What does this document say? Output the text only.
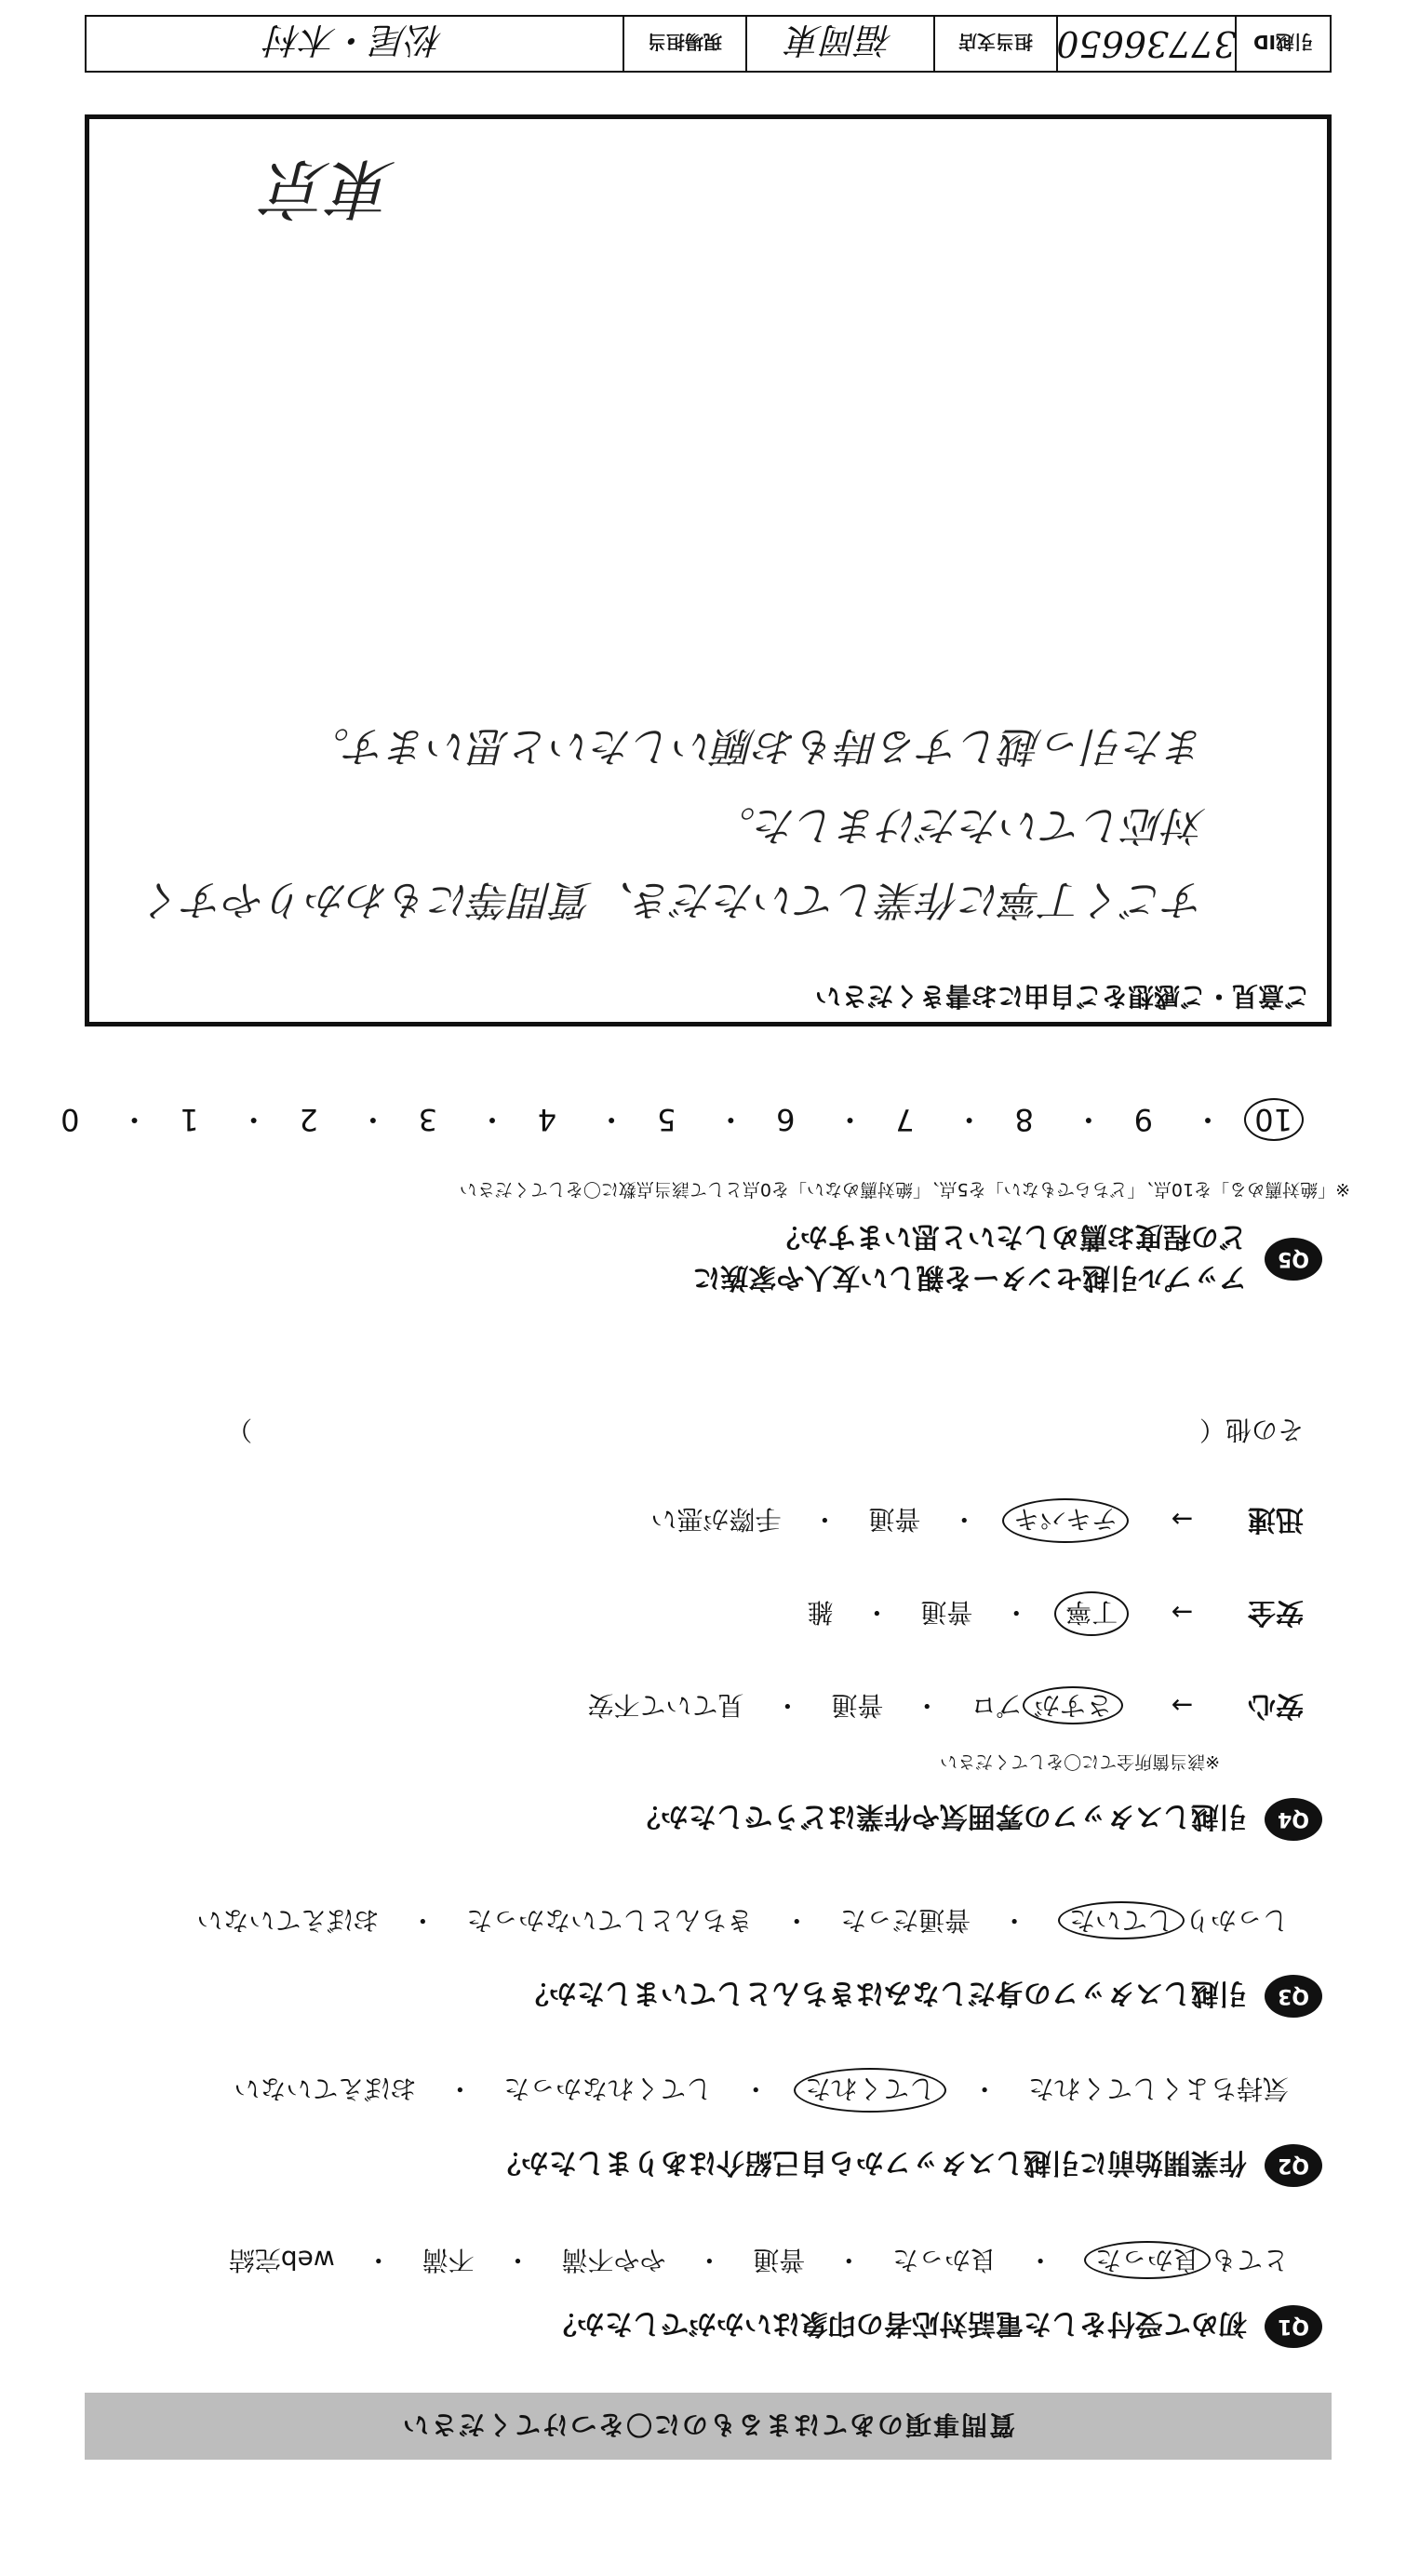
引越ID
37736650
担当支店
福岡東
現場担当
松尾・木村
質問事項のあてはまるものに〇をつけてください
Q1 初めて受付をした電話対応者の印象はいかがでしたか？
とても良かった ・ 良かった ・ 普通 ・ やや不満 ・ 不満 ・ web完結
Q2 作業開始前に引越しスタッフから自己紹介はありましたか？
気持ちよくしてくれた ・ してくれた ・ してくれなかった ・ おぼえていない
Q3 引越しスタッフの身だしなみはきちんとしていましたか？
しっかりしていた ・ 普通だった ・ きちんとしていなかった ・ おぼえていない
Q4 引越しスタッフの雰囲気や作業はどうでしたか？
※該当箇所全てに〇をしてください
安心 → さすがプロ ・ 普通 ・ 見ていて不安
安全 → 丁寧 ・ 普通 ・ 雑
迅速 → テキパキ ・ 普通 ・ 手際が悪い
その他（  ）
Q5
アップル引越センターを親しい友人や家族に
どの程度お薦めしたいと思いますか？
※「絶対薦める」を10点、「どちらでもない」を5点、「絶対薦めない」を0点として該当点数に〇をしてください
10・ 9・ 8・ 7・ 6・ 5・ 4・ 3・ 2・ 1・ 0
ご意見・ご感想をご自由にお書きください
すごく丁寧に作業していただき、質問等にもわかりやすく
対応していただけました。
また引っ越しする時もお願いしたいと思います。
東京
